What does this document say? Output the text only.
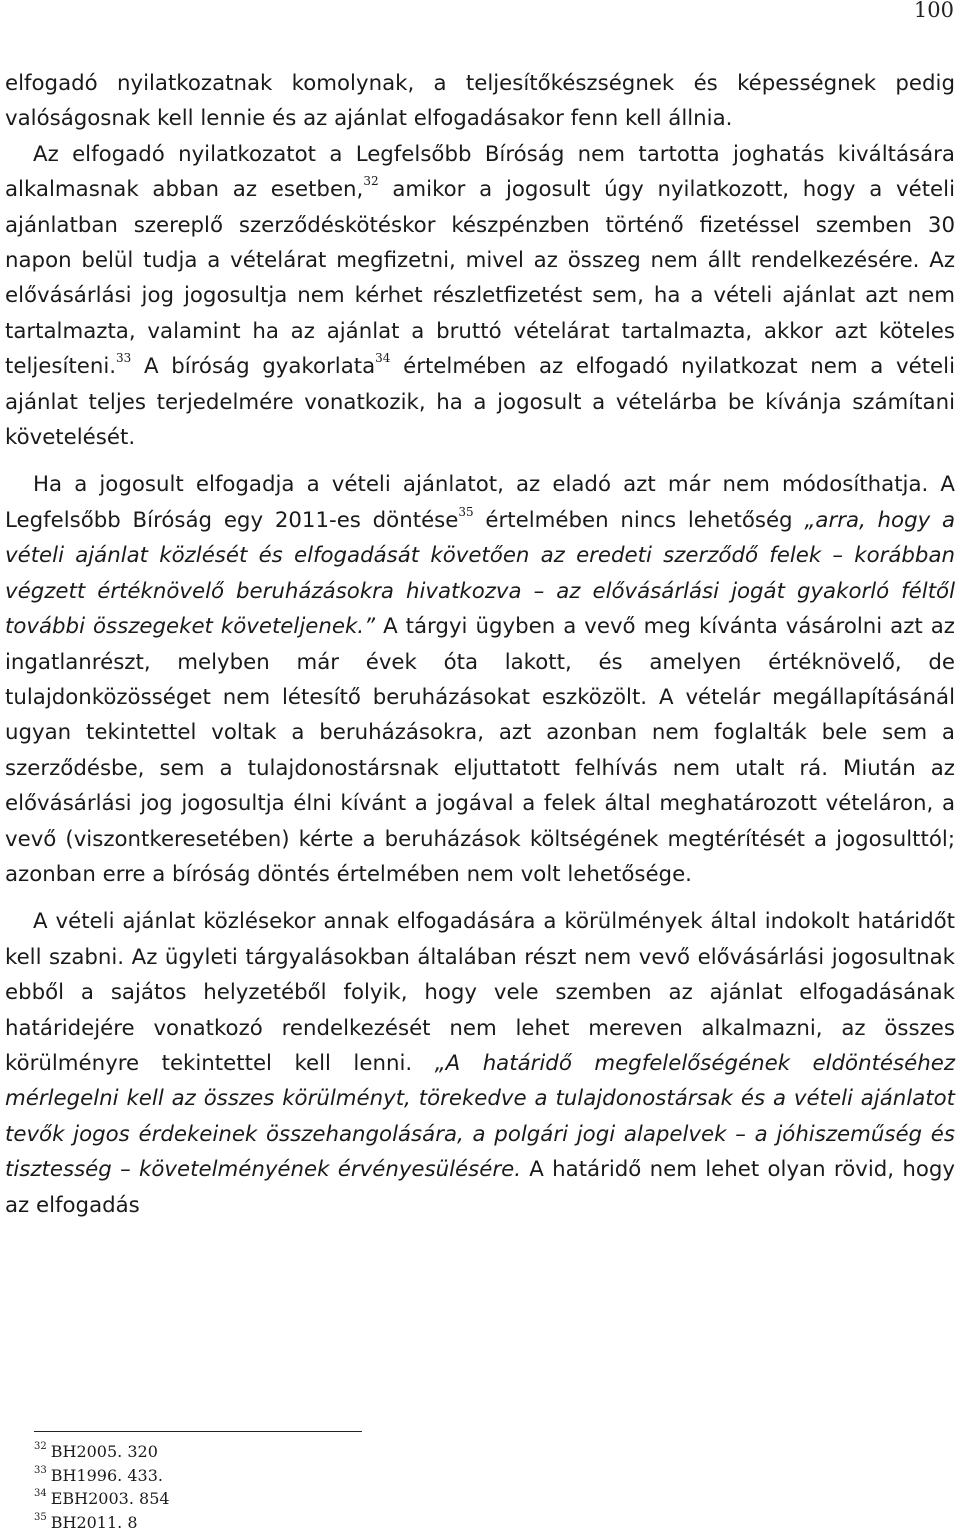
100

elfogadó nyilatkozatnak komolynak, a teljesítőkészségnek és képességnek pedig valóságosnak kell lennie és az ajánlat elfogadásakor fenn kell állnia.

Az elfogadó nyilatkozatot a Legfelsőbb Bíróság nem tartotta joghatás kiváltására alkalmasnak abban az esetben,$^{32}$ amikor a jogosult úgy nyilatkozott, hogy a vételi ajánlatban szereplő szerződéskötéskor készpénzben történő fizetéssel szemben 30 napon belül tudja a vételárat megfizetni, mivel az összeg nem állt rendelkezésére. Az elővásárlási jog jogosultja nem kérhet részletfizetést sem, ha a vételi ajánlat azt nem tartalmazta, valamint ha az ajánlat a bruttó vételárat tartalmazta, akkor azt köteles teljesíteni.$^{33}$ A bíróság gyakorlata$^{34}$ értelmében az elfogadó nyilatkozat nem a vételi ajánlat teljes terjedelmére vonatkozik, ha a jogosult a vételárba be kívánja számítani követelését.

Ha a jogosult elfogadja a vételi ajánlatot, az eladó azt már nem módosíthatja. A Legfelsőbb Bíróság egy 2011-es döntése$^{35}$ értelmében nincs lehetőség „arra, hogy a vételi ajánlat közlését és elfogadását követően az eredeti szerződő felek – korábban végzett értéknövelő beruházásokra hivatkozva – az elővásárlási jogát gyakorló féltől további összegeket követeljenek.” A tárgyi ügyben a vevő meg kívánta vásárolni azt az ingatlanrészt, melyben már évek óta lakott, és amelyen értéknövelő, de tulajdonközösséget nem létesítő beruházásokat eszközölt. A vételár megállapításánál ugyan tekintettel voltak a beruházásokra, azt azonban nem foglalták bele sem a szerződésbe, sem a tulajdonostársnak eljuttatott felhívás nem utalt rá. Miután az elővásárlási jog jogosultja élni kívánt a jogával a felek által meghatározott vételáron, a vevő (viszontkeresetében) kérte a beruházások költségének megtérítését a jogosulttól; azonban erre a bíróság döntés értelmében nem volt lehetősége.

A vételi ajánlat közlésekor annak elfogadására a körülmények által indokolt határidőt kell szabni. Az ügyleti tárgyalásokban általában részt nem vevő elővásárlási jogosultnak ebből a sajátos helyzetéből folyik, hogy vele szemben az ajánlat elfogadásának határidejére vonatkozó rendelkezését nem lehet mereven alkalmazni, az összes körülményre tekintettel kell lenni. „A határidő megfelelőségének eldöntéséhez mérlegelni kell az összes körülményt, törekedve a tulajdonostársak és a vételi ajánlatot tevők jogos érdekeinek összehangolására, a polgári jogi alapelvek – a jóhiszeműség és tisztesség – követelményének érvényesülésére. A határidő nem lehet olyan rövid, hogy az elfogadás

$^{32}$ BH2005. 320
$^{33}$ BH1996. 433.
$^{34}$ EBH2003. 854
$^{35}$ BH2011. 8
